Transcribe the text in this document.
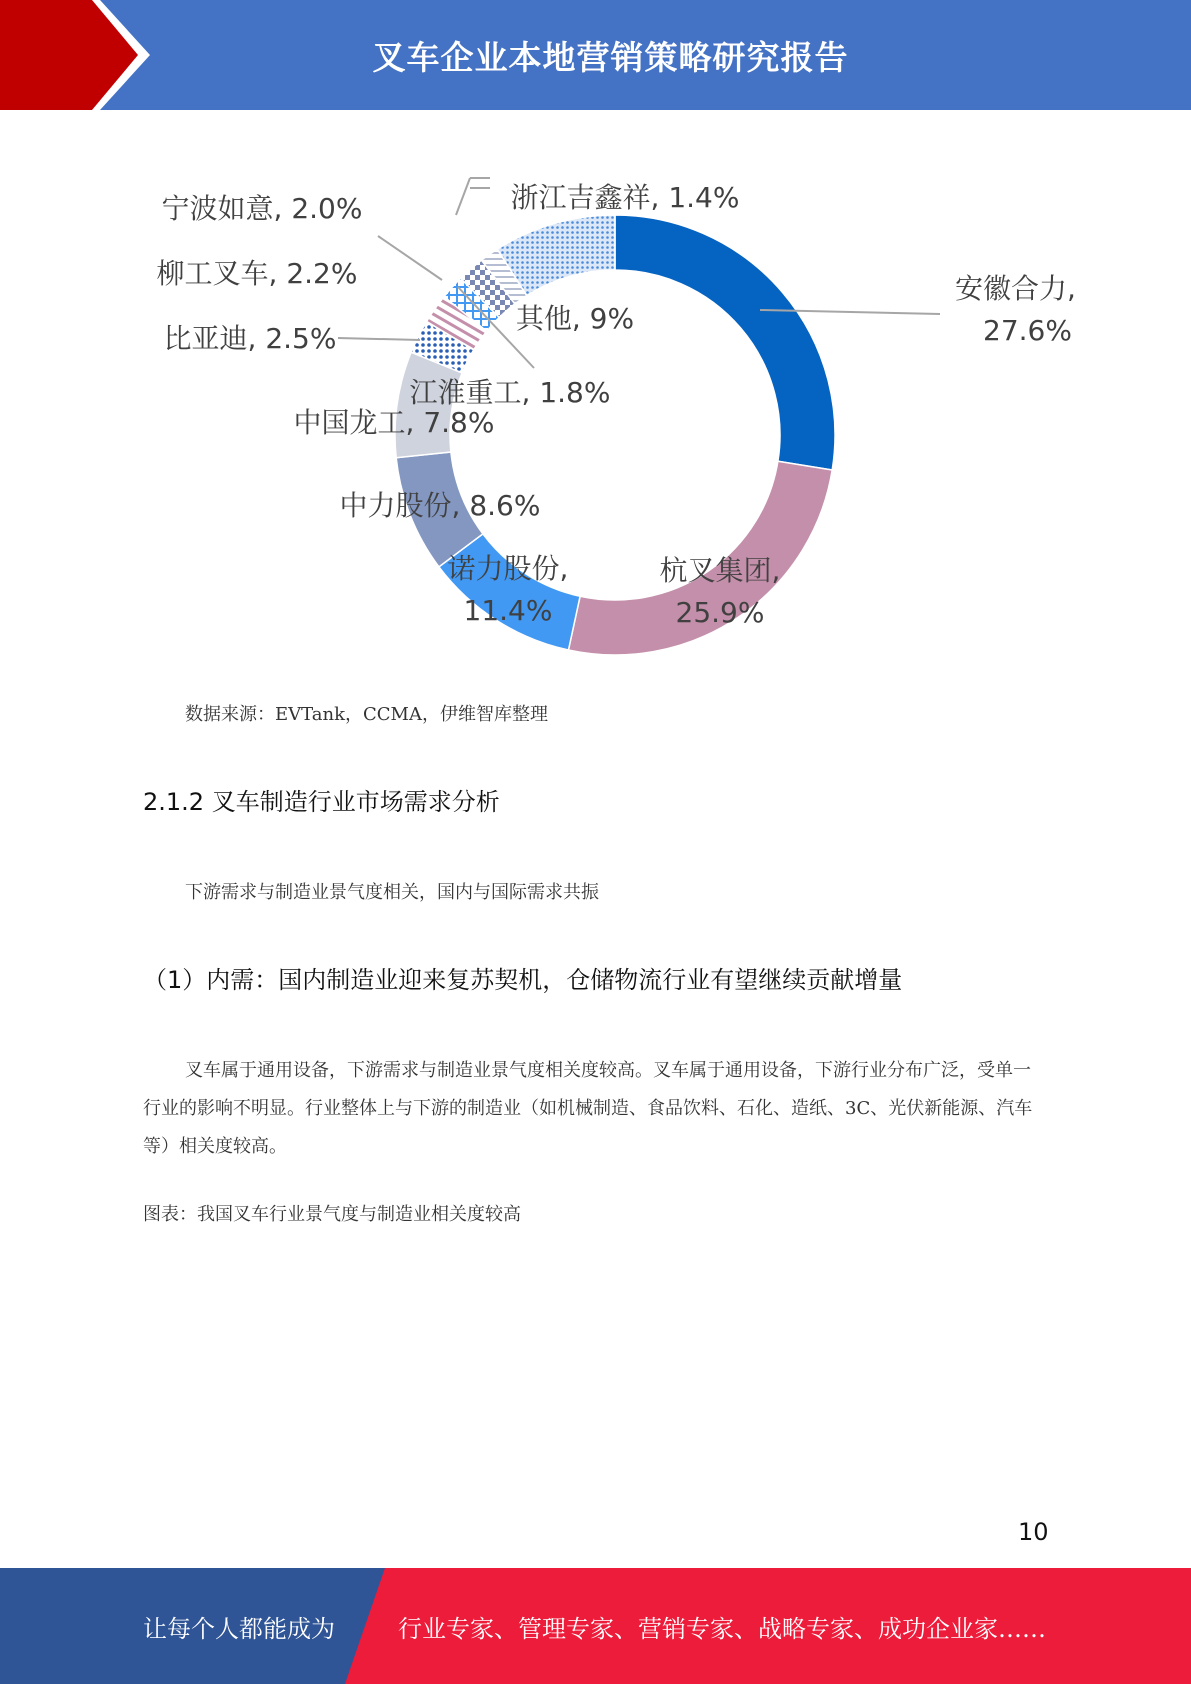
叉车企业本地营销策略研究报告
安徽合力, 27.6%
杭叉集团, 25.9%
诺力股份, 11.4%
中力股份, 8.6%
中国龙工, 7.8%
比亚迪, 2.5%
柳工叉车, 2.2%
江淮重工, 1.8%
宁波如意, 2.0%	浙江吉鑫祥, 1.4%
其他, 9%
数据来源：EVTank，CCMA，伊维智库整理
2.1.2 叉车制造行业市场需求分析
下游需求与制造业景气度相关，国内与国际需求共振
（1）内需：国内制造业迎来复苏契机，仓储物流行业有望继续贡献增量

叉车属于通用设备，下游需求与制造业景气度相关度较高。叉车属于通用设备，下游行业分布广泛，受单一行业的影响不明显。行业整体上与下游的制造业（如机械制造、食品饮料、石化、造纸、3C、光伏新能源、汽车等）相关度较高。

图表：我国叉车行业景气度与制造业相关度较高
10
让每个人都能成为	行业专家、管理专家、营销专家、战略专家、成功企业家……
